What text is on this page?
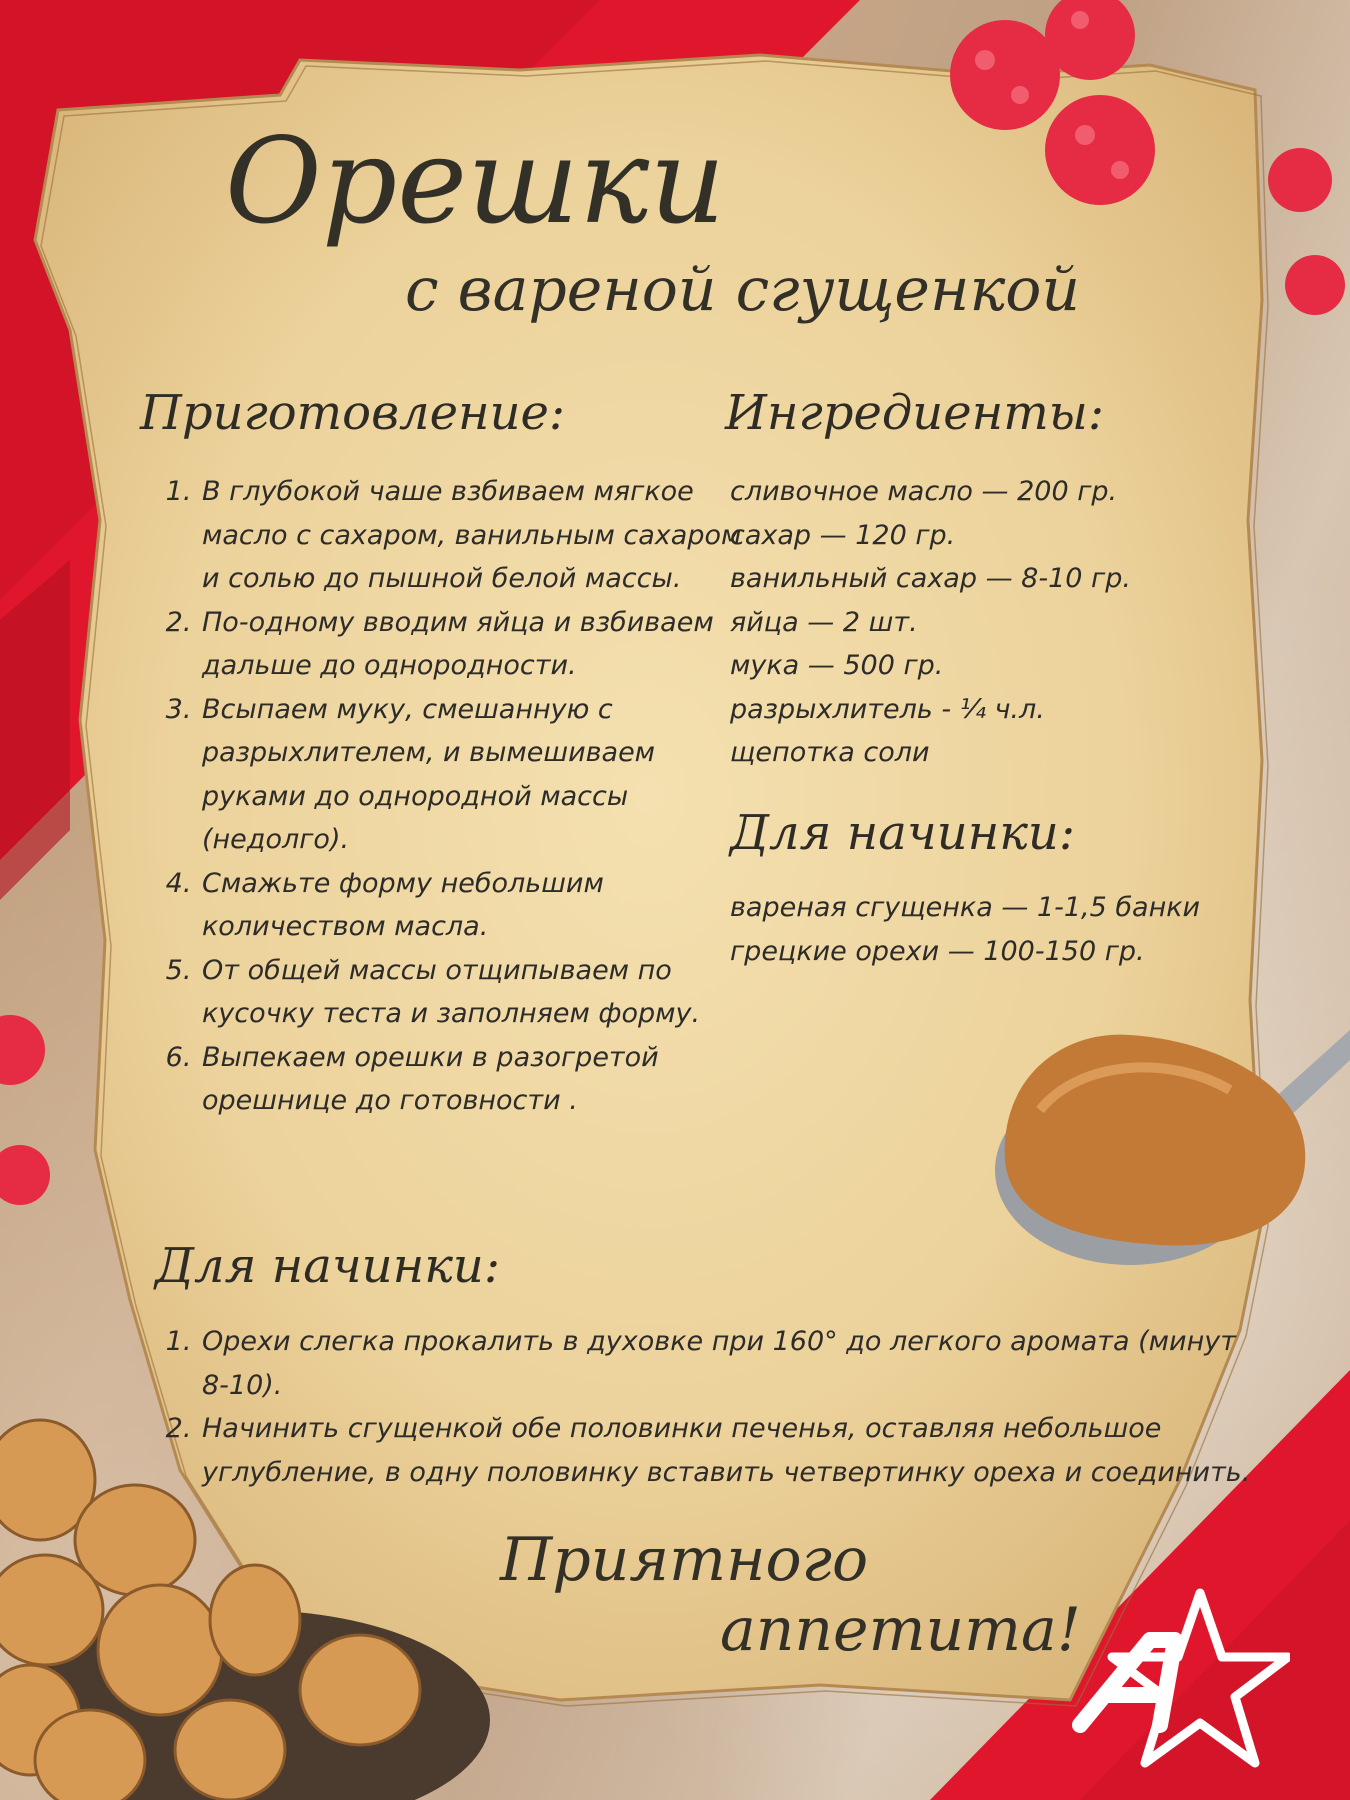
Орешки
с вареной сгущенкой
Приготовление:
1. В глубокой чаше взбиваем мягкое масло с сахаром, ванильным сахаром и солью до пышной белой массы.
2. По-одному вводим яйца и взбиваем дальше до однородности.
3. Всыпаем муку, смешанную с разрыхлителем, и вымешиваем руками до однородной массы (недолго).
4. Смажьте форму небольшим количеством масла.
5. От общей массы отщипываем по кусочку теста и заполняем форму.
6. Выпекаем орешки в разогретой орешнице до готовности .
Ингредиенты:
сливочное масло — 200 гр.
сахар — 120 гр.
ванильный сахар — 8-10 гр.
яйца — 2 шт.
мука — 500 гр.
разрыхлитель - ¼ ч.л.
щепотка соли
Для начинки:
вареная сгущенка — 1-1,5 банки
грецкие орехи — 100-150 гр.
Для начинки:
1. Орехи слегка прокалить в духовке при 160° до легкого аромата (минут 8-10).
2. Начинить сгущенкой обе половинки печенья, оставляя небольшое углубление, в одну половинку вставить четвертинку ореха и соединить.
Приятного
аппетита!
